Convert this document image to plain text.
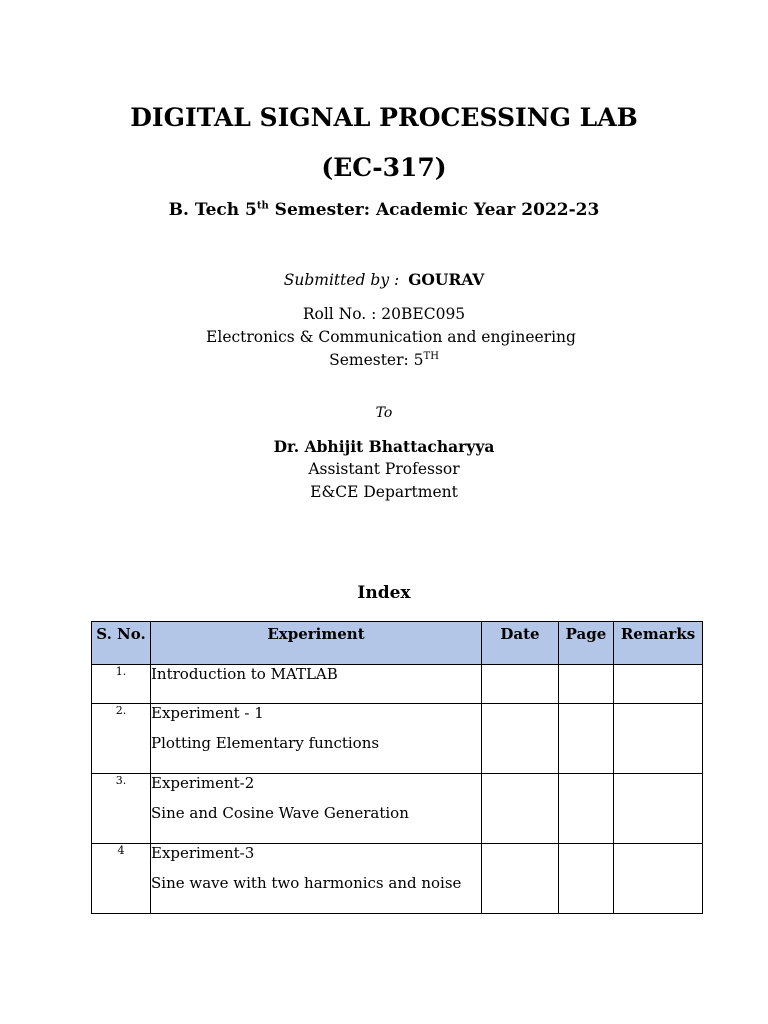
DIGITAL SIGNAL PROCESSING LAB
(EC-317)
B. Tech 5th Semester: Academic Year 2022-23
Submitted by : GOURAV
Roll No. : 20BEC095
Electronics & Communication and engineering
Semester: 5TH
To
Dr. Abhijit Bhattacharyya
Assistant Professor
E&CE Department
Index
S. No.	Experiment	Date	Page	Remarks
1.	Introduction to MATLAB			

2.	Experiment - 1
Plotting Elementary functions			

3.	Experiment-2
Sine and Cosine Wave Generation			

4	Experiment-3
Sine wave with two harmonics and noise			
